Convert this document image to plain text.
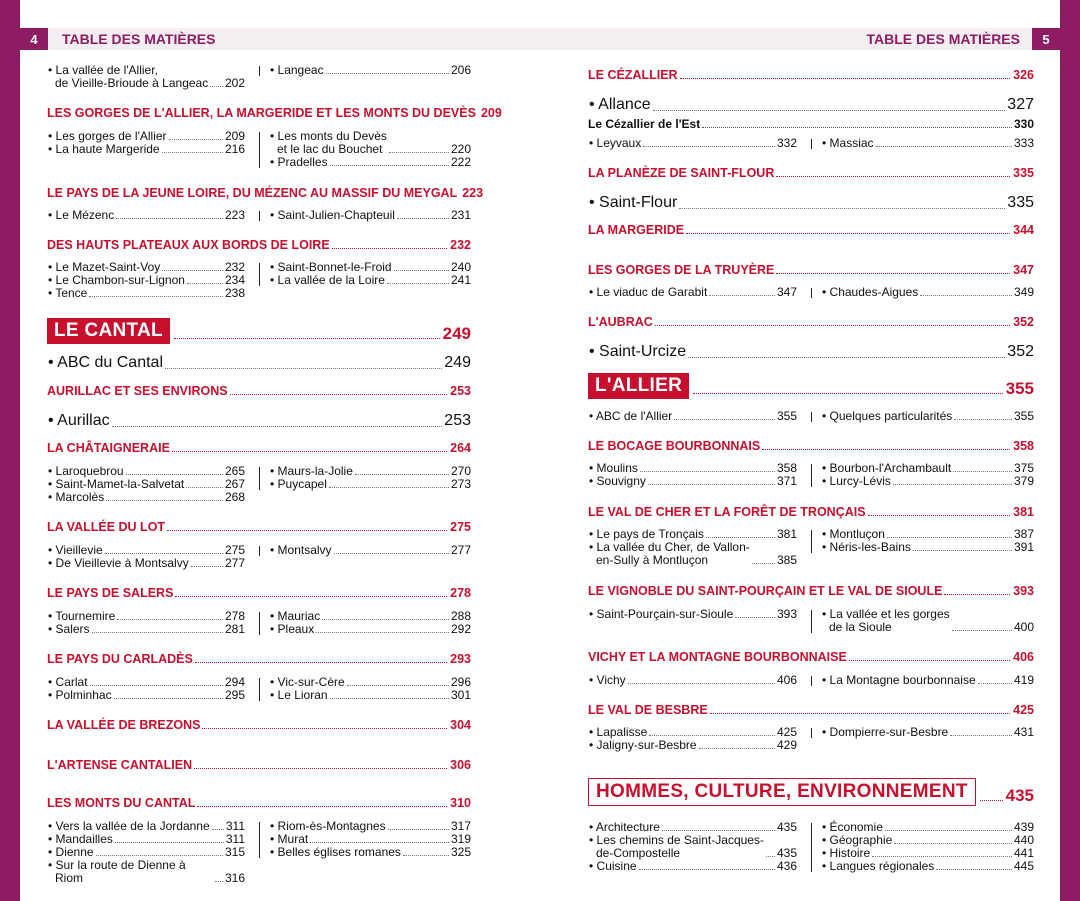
4	TABLE DES MATIÈRES	TABLE DES MATIÈRES	5
• La vallée de l'Allier,
de Vieille-Brioude à Langeac 202
• Langeac	206
LES GORGES DE L'ALLIER, LA MARGERIDE ET LES MONTS DU DEVÈS 209
• Les gorges de l'Allier	209
• La haute Margeride	216
• Les monts du Devès
et le lac du Bouchet	220
• Pradelles	222
LE PAYS DE LA JEUNE LOIRE, DU MÉZENC AU MASSIF DU MEYGAL 223
• Le Mézenc	223 • Saint-Julien-Chapteuil	231
DES HAUTS PLATEAUX AUX BORDS DE LOIRE	232
• Le Mazet-Saint-Voy	232
• Le Chambon-sur-Lignon	234
• Tence	238
• Saint-Bonnet-le-Froid	240
• La vallée de la Loire	241
LE CANTAL	249
• ABC du Cantal	249
AURILLAC ET SES ENVIRONS	253
• Aurillac	253
LA CHÂTAIGNERAIE	264
• Laroquebrou	265
• Saint-Mamet-la-Salvetat	267
• Marcolès	268
• Maurs-la-Jolie	270
• Puycapel	273
LA VALLÉE DU LOT	275
• Vieillevie	275
• De Vieillevie à Montsalvy	277
• Montsalvy	277
LE PAYS DE SALERS	278
• Tournemire	278
• Salers	281
• Mauriac	288
• Pleaux	292
LE PAYS DU CARLADÈS	293
• Carlat	294
• Polminhac	295
• Vic-sur-Cère	296
• Le Lioran	301
LA VALLÉE DE BREZONS	304
L'ARTENSE CANTALIEN	306
LES MONTS DU CANTAL	310
• Vers la vallée de la Jordanne 311
• Mandailles	311
• Dienne	315
• Sur la route de Dienne à Riom	316
• Riom-ès-Montagnes	317
• Murat	319
• Belles églises romanes	325
LE CÉZALLIER	326
• Allance	327
Le Cézallier de l'Est	330
• Leyvaux	332 • Massiac	333
LA PLANÈZE DE SAINT-FLOUR	335
• Saint-Flour	335
LA MARGERIDE	344
LES GORGES DE LA TRUYÈRE	347
• Le viaduc de Garabit	347 • Chaudes-Aigues	349
L'AUBRAC	352
• Saint-Urcize	352
L'ALLIER	355
• ABC de l'Allier	355 • Quelques particularités	355
LE BOCAGE BOURBONNAIS	358
• Moulins	358
• Souvigny	371
• Bourbon-l'Archambault	375
• Lurcy-Lévis	379
LE VAL DE CHER ET LA FORÊT DE TRONÇAIS	381
• Le pays de Tronçais	381
• La vallée du Cher, de Vallon-
en-Sully à Montluçon	385
• Montluçon	387
• Néris-les-Bains	391
LE VIGNOBLE DU SAINT-POURÇAIN ET LE VAL DE SIOULE	393
• Saint-Pourçain-sur-Sioule	393 • La vallée et les gorges
de la Sioule	400
VICHY ET LA MONTAGNE BOURBONNAISE	406
• Vichy	406 • La Montagne bourbonnaise	419
LE VAL DE BESBRE	425
• Lapalisse	425
• Jaligny-sur-Besbre	429
• Dompierre-sur-Besbre	431
HOMMES, CULTURE, ENVIRONNEMENT	435
• Architecture	435
• Les chemins de Saint-Jacques-
de-Compostelle	435
• Cuisine	436
• Économie	439
• Géographie	440
• Histoire	441
• Langues régionales	445
